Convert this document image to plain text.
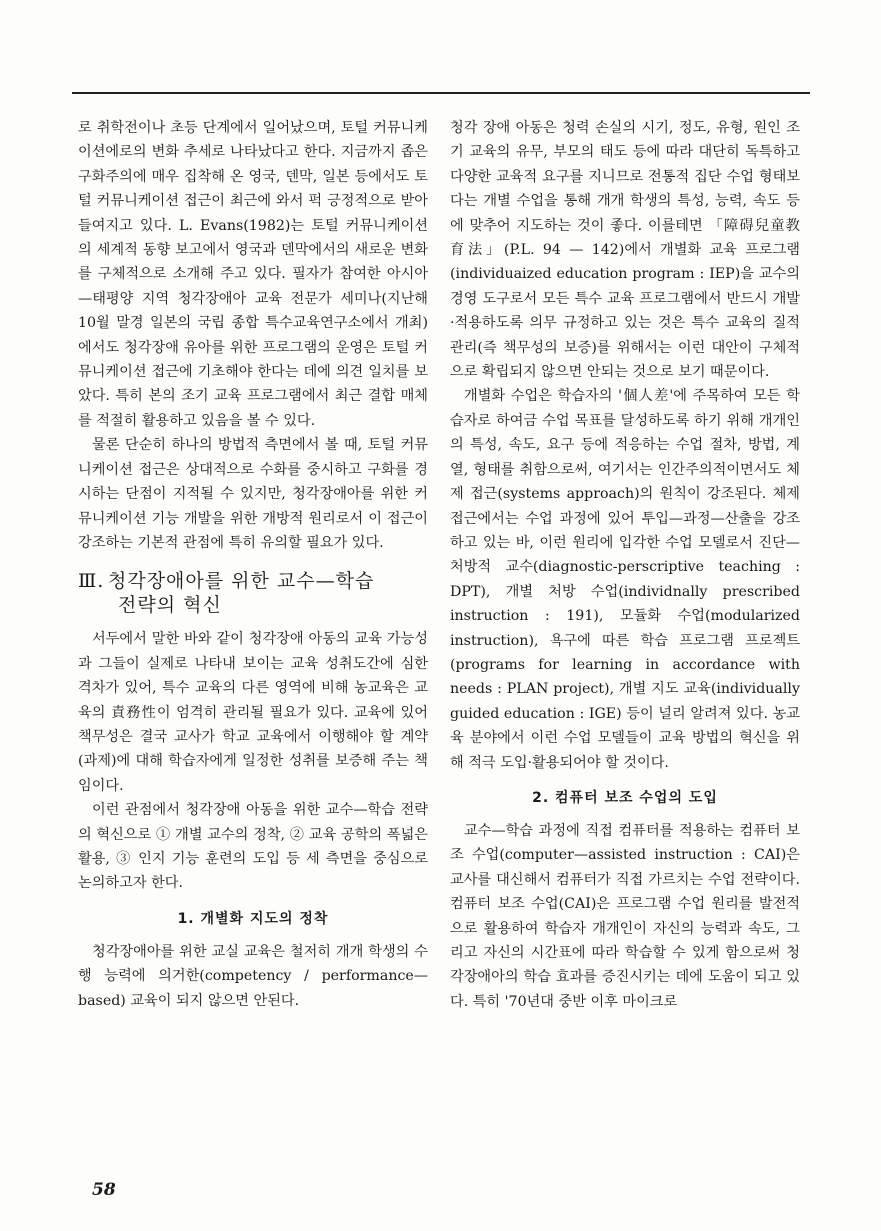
로 취학전이나 초등 단계에서 일어났으며, 토털 커뮤니케이션에로의 변화 추세로 나타났다고 한다. 지금까지 좁은 구화주의에 매우 집착해 온 영국, 덴막, 일본 등에서도 토털 커뮤니케이션 접근이 최근에 와서 퍽 긍정적으로 받아 들여지고 있다. L. Evans(1982)는 토털 커뮤니케이션의 세계적 동향 보고에서 영국과 덴막에서의 새로운 변화를 구체적으로 소개해 주고 있다. 필자가 참여한 아시아—태평양 지역 청각장애아 교육 전문가 세미나(지난해 10월 말경 일본의 국립 종합 특수교육연구소에서 개최)에서도 청각장애 유아를 위한 프로그램의 운영은 토털 커뮤니케이션 접근에 기초해야 한다는 데에 의견 일치를 보았다. 특히 본의 조기 교육 프로그램에서 최근 결합 매체를 적절히 활용하고 있음을 볼 수 있다.

물론 단순히 하나의 방법적 측면에서 볼 때, 토털 커뮤니케이션 접근은 상대적으로 수화를 중시하고 구화를 경시하는 단점이 지적될 수 있지만, 청각장애아를 위한 커뮤니케이션 기능 개발을 위한 개방적 원리로서 이 접근이 강조하는 기본적 관점에 특히 유의할 필요가 있다.

Ⅲ. 청각장애아를 위한 교수—학습
전략의 혁신

서두에서 말한 바와 같이 청각장애 아동의 교육 가능성과 그들이 실제로 나타내 보이는 교육 성취도간에 심한 격차가 있어, 특수 교육의 다른 영역에 비해 농교육은 교육의 責務性이 엄격히 관리될 필요가 있다. 교육에 있어 책무성은 결국 교사가 학교 교육에서 이행해야 할 계약(과제)에 대해 학습자에게 일정한 성취를 보증해 주는 책임이다.

이런 관점에서 청각장애 아동을 위한 교수—학습 전략의 혁신으로 ① 개별 교수의 정착, ② 교육 공학의 폭넓은 활용, ③ 인지 기능 훈련의 도입 등 세 측면을 중심으로 논의하고자 한다.

1. 개별화 지도의 정착

청각장애아를 위한 교실 교육은 철저히 개개 학생의 수행 능력에 의거한(competency / performance—based) 교육이 되지 않으면 안된다.

청각 장애 아동은 청력 손실의 시기, 정도, 유형, 원인 조기 교육의 유무, 부모의 태도 등에 따라 대단히 독특하고 다양한 교육적 요구를 지니므로 전통적 집단 수업 형태보다는 개별 수업을 통해 개개 학생의 특성, 능력, 속도 등에 맞추어 지도하는 것이 좋다. 이를테면 「障碍兒童教育法」(P.L. 94 — 142)에서 개별화 교육 프로그램(individuaized education program : IEP)을 교수의 경영 도구로서 모든 특수 교육 프로그램에서 반드시 개발·적용하도록 의무 규정하고 있는 것은 특수 교육의 질적 관리(즉 책무성의 보증)를 위해서는 이런 대안이 구체적으로 확립되지 않으면 안되는 것으로 보기 때문이다.

개별화 수업은 학습자의 '個人差'에 주목하여 모든 학습자로 하여금 수업 목표를 달성하도록 하기 위해 개개인의 특성, 속도, 요구 등에 적응하는 수업 절차, 방법, 계열, 형태를 취함으로써, 여기서는 인간주의적이면서도 체제 접근(systems approach)의 원칙이 강조된다. 체제 접근에서는 수업 과정에 있어 투입—과정—산출을 강조하고 있는 바, 이런 원리에 입각한 수업 모델로서 진단—처방적 교수(diagnostic-perscriptive teaching : DPT), 개별 처방 수업(individnally prescribed instruction : 191), 모듈화 수업(modularized instruction), 욕구에 따른 학습 프로그램 프로젝트(programs for learning in accordance with needs : PLAN project), 개별 지도 교육(individually guided education : IGE) 등이 널리 알려져 있다. 농교육 분야에서 이런 수업 모델들이 교육 방법의 혁신을 위해 적극 도입·활용되어야 할 것이다.

2. 컴퓨터 보조 수업의 도입

교수—학습 과정에 직접 컴퓨터를 적용하는 컴퓨터 보조 수업(computer—assisted instruction : CAI)은 교사를 대신해서 컴퓨터가 직접 가르치는 수업 전략이다. 컴퓨터 보조 수업(CAI)은 프로그램 수업 원리를 발전적으로 활용하여 학습자 개개인이 자신의 능력과 속도, 그리고 자신의 시간표에 따라 학습할 수 있게 함으로써 청각장애아의 학습 효과를 증진시키는 데에 도움이 되고 있다. 특히 '70년대 중반 이후 마이크로

58
